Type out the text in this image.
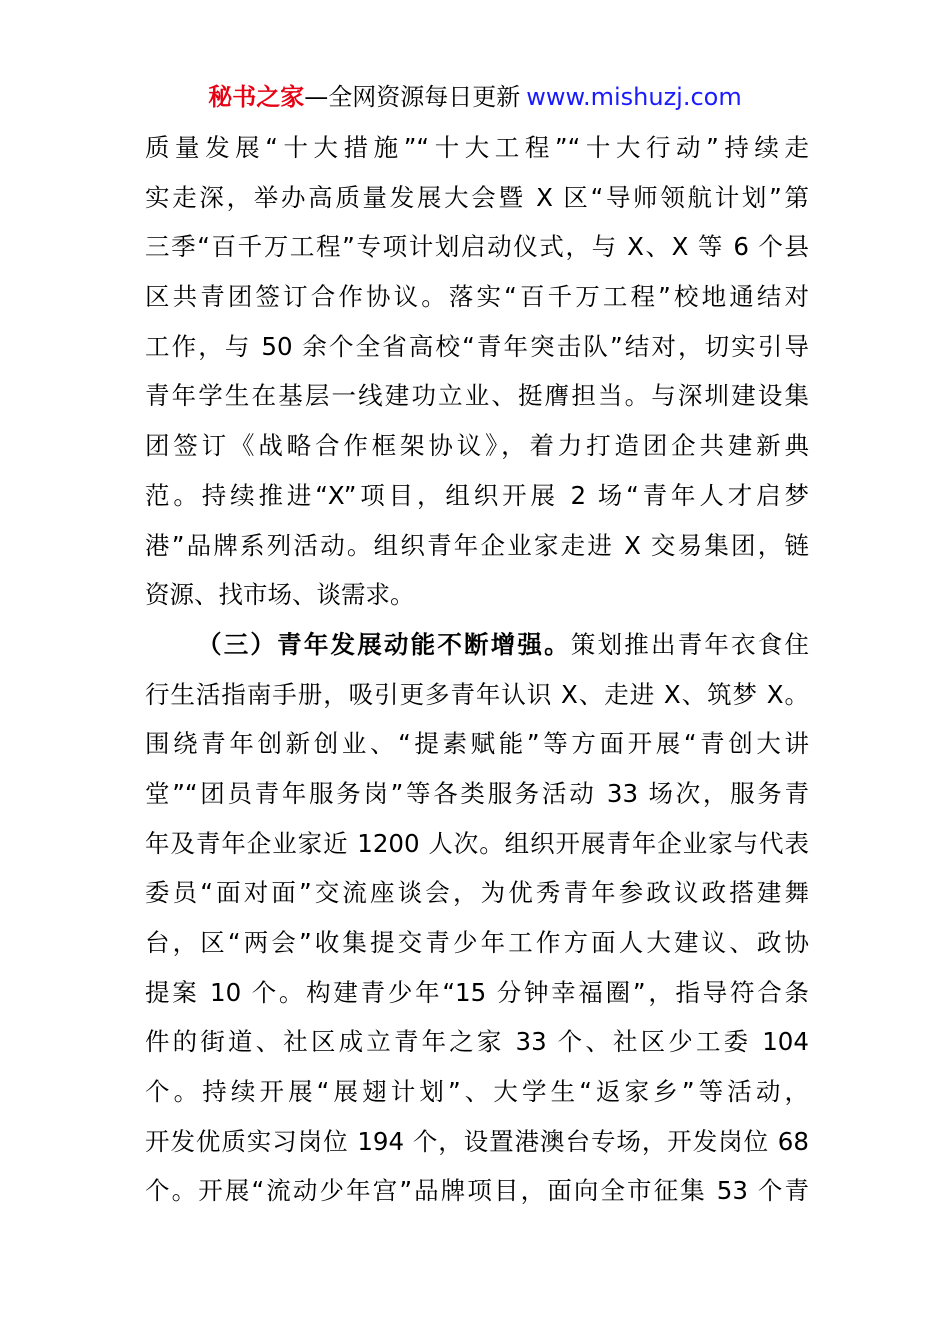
秘书之家—全网资源每日更新 www.mishuzj.com
质量发展“十大措施”“十大工程”“十大行动”持续走
实走深，举办高质量发展大会暨 X 区“导师领航计划”第
三季“百千万工程”专项计划启动仪式，与 X、X 等 6 个县
区共青团签订合作协议。落实“百千万工程”校地通结对
工作，与 50 余个全省高校“青年突击队”结对，切实引导
青年学生在基层一线建功立业、挺膺担当。与深圳建设集
团签订《战略合作框架协议》，着力打造团企共建新典
范。持续推进“X”项目，组织开展 2 场“青年人才启梦
港”品牌系列活动。组织青年企业家走进 X 交易集团，链
资源、找市场、谈需求。
（三）青年发展动能不断增强。策划推出青年衣食住
行生活指南手册，吸引更多青年认识 X、走进 X、筑梦 X。
围绕青年创新创业、“提素赋能”等方面开展“青创大讲
堂”“团员青年服务岗”等各类服务活动 33 场次，服务青
年及青年企业家近 1200 人次。组织开展青年企业家与代表
委员“面对面”交流座谈会，为优秀青年参政议政搭建舞
台，区“两会”收集提交青少年工作方面人大建议、政协
提案 10 个。构建青少年“15 分钟幸福圈”，指导符合条
件的街道、社区成立青年之家 33 个、社区少工委 104
个。持续开展“展翅计划”、大学生“返家乡”等活动，
开发优质实习岗位 194 个，设置港澳台专场，开发岗位 68
个。开展“流动少年宫”品牌项目，面向全市征集 53 个青
